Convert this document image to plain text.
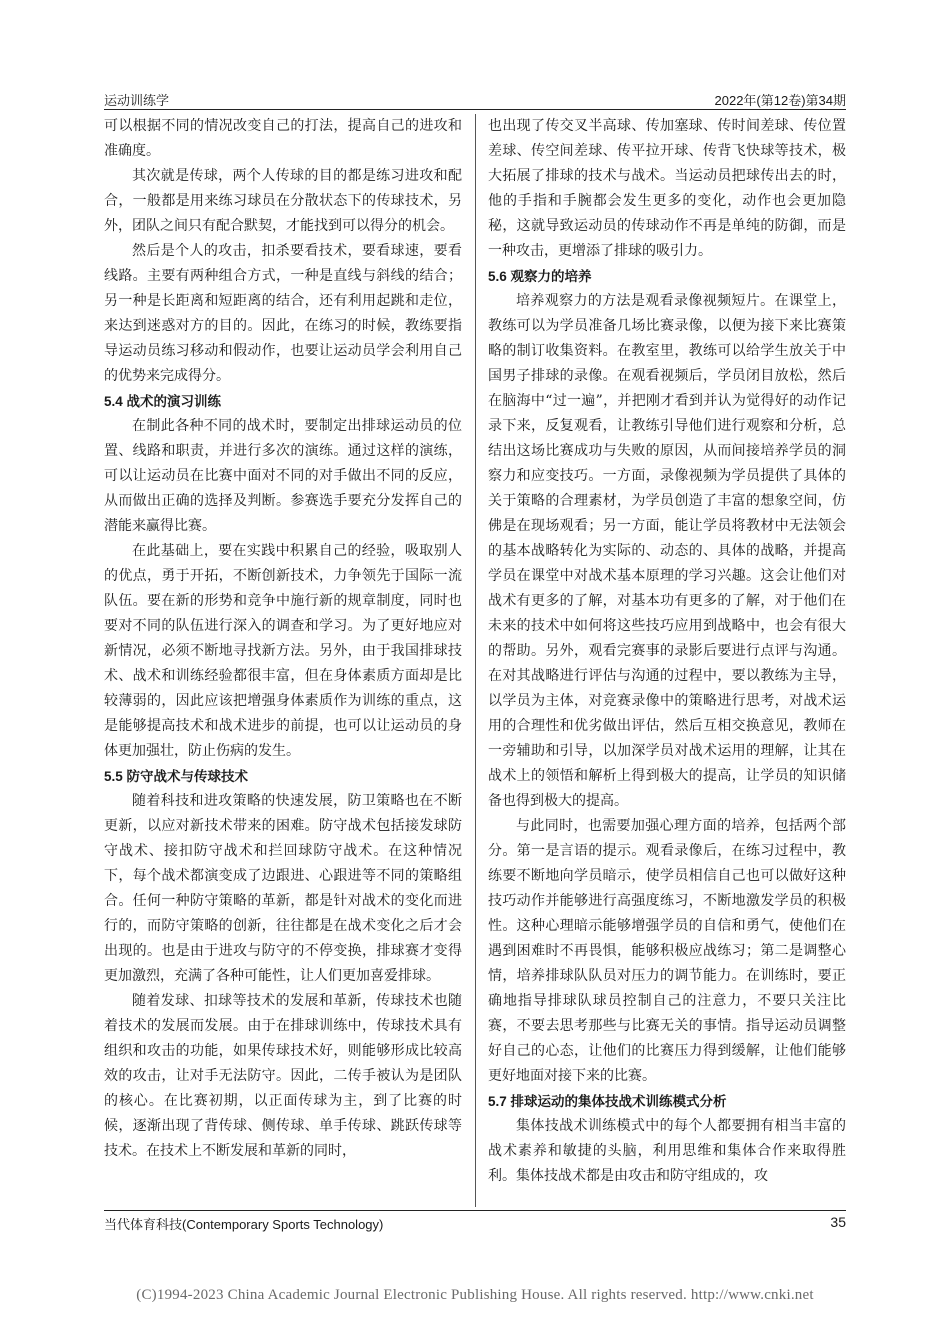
运动训练学	2022年(第12卷)第34期

可以根据不同的情况改变自己的打法，提高自己的进攻和准确度。

其次就是传球，两个人传球的目的都是练习进攻和配合，一般都是用来练习球员在分散状态下的传球技术，另外，团队之间只有配合默契，才能找到可以得分的机会。

然后是个人的攻击，扣杀要看技术，要看球速，要看线路。主要有两种组合方式，一种是直线与斜线的结合；另一种是长距离和短距离的结合，还有利用起跳和走位，来达到迷惑对方的目的。因此，在练习的时候，教练要指导运动员练习移动和假动作，也要让运动员学会利用自己的优势来完成得分。

5.4 战术的演习训练

在制此各种不同的战术时，要制定出排球运动员的位置、线路和职责，并进行多次的演练。通过这样的演练，可以让运动员在比赛中面对不同的对手做出不同的反应，从而做出正确的选择及判断。参赛选手要充分发挥自己的潜能来赢得比赛。

在此基础上，要在实践中积累自己的经验，吸取别人的优点，勇于开拓，不断创新技术，力争领先于国际一流队伍。要在新的形势和竞争中施行新的规章制度，同时也要对不同的队伍进行深入的调查和学习。为了更好地应对新情况，必须不断地寻找新方法。另外，由于我国排球技术、战术和训练经验都很丰富，但在身体素质方面却是比较薄弱的，因此应该把增强身体素质作为训练的重点，这是能够提高技术和战术进步的前提，也可以让运动员的身体更加强壮，防止伤病的发生。

5.5 防守战术与传球技术

随着科技和进攻策略的快速发展，防卫策略也在不断更新，以应对新技术带来的困难。防守战术包括接发球防守战术、接扣防守战术和拦回球防守战术。在这种情况下，每个战术都演变成了边跟进、心跟进等不同的策略组合。任何一种防守策略的革新，都是针对战术的变化而进行的，而防守策略的创新，往往都是在战术变化之后才会出现的。也是由于进攻与防守的不停变换，排球赛才变得更加激烈，充满了各种可能性，让人们更加喜爱排球。

随着发球、扣球等技术的发展和革新，传球技术也随着技术的发展而发展。由于在排球训练中，传球技术具有组织和攻击的功能，如果传球技术好，则能够形成比较高效的攻击，让对手无法防守。因此，二传手被认为是团队的核心。在比赛初期，以正面传球为主，到了比赛的时候，逐渐出现了背传球、侧传球、单手传球、跳跃传球等技术。在技术上不断发展和革新的同时，

也出现了传交叉半高球、传加塞球、传时间差球、传位置差球、传空间差球、传平拉开球、传背飞快球等技术，极大拓展了排球的技术与战术。当运动员把球传出去的时，他的手指和手腕都会发生更多的变化，动作也会更加隐秘，这就导致运动员的传球动作不再是单纯的防御，而是一种攻击，更增添了排球的吸引力。

5.6 观察力的培养

培养观察力的方法是观看录像视频短片。在课堂上，教练可以为学员准备几场比赛录像，以便为接下来比赛策略的制订收集资料。在教室里，教练可以给学生放关于中国男子排球的录像。在观看视频后，学员闭目放松，然后在脑海中“过一遍”，并把刚才看到并认为觉得好的动作记录下来，反复观看，让教练引导他们进行观察和分析，总结出这场比赛成功与失败的原因，从而间接培养学员的洞察力和应变技巧。一方面，录像视频为学员提供了具体的关于策略的合理素材，为学员创造了丰富的想象空间，仿佛是在现场观看；另一方面，能让学员将教材中无法领会的基本战略转化为实际的、动态的、具体的战略，并提高学员在课堂中对战术基本原理的学习兴趣。这会让他们对战术有更多的了解，对基本功有更多的了解，对于他们在未来的技术中如何将这些技巧应用到战略中，也会有很大的帮助。另外，观看完赛事的录影后要进行点评与沟通。在对其战略进行评估与沟通的过程中，要以教练为主导，以学员为主体，对竞赛录像中的策略进行思考，对战术运用的合理性和优劣做出评估，然后互相交换意见，教师在一旁辅助和引导，以加深学员对战术运用的理解，让其在战术上的领悟和解析上得到极大的提高，让学员的知识储备也得到极大的提高。

与此同时，也需要加强心理方面的培养，包括两个部分。第一是言语的提示。观看录像后，在练习过程中，教练要不断地向学员暗示，使学员相信自己也可以做好这种技巧动作并能够进行高强度练习，不断地激发学员的积极性。这种心理暗示能够增强学员的自信和勇气，使他们在遇到困难时不再畏惧，能够积极应战练习；第二是调整心情，培养排球队队员对压力的调节能力。在训练时，要正确地指导排球队球员控制自己的注意力，不要只关注比赛，不要去思考那些与比赛无关的事情。指导运动员调整好自己的心态，让他们的比赛压力得到缓解，让他们能够更好地面对接下来的比赛。

5.7 排球运动的集体技战术训练模式分析

集体技战术训练模式中的每个人都要拥有相当丰富的战术素养和敏捷的头脑，利用思维和集体合作来取得胜利。集体技战术都是由攻击和防守组成的，攻

当代体育科技(Contemporary Sports Technology)	35
(C)1994-2023 China Academic Journal Electronic Publishing House. All rights reserved. http://www.cnki.net
